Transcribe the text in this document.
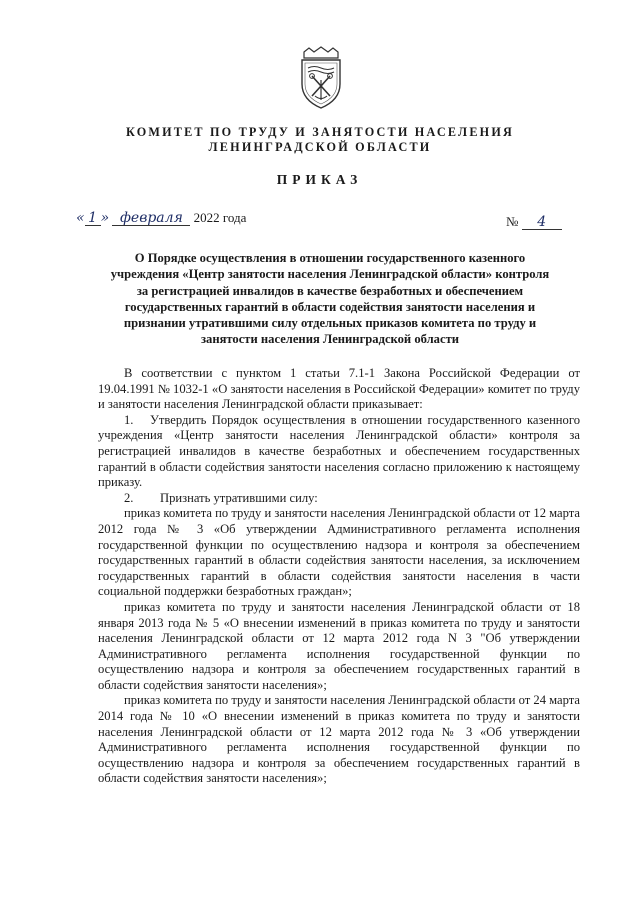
КОМИТЕТ ПО ТРУДУ И ЗАНЯТОСТИ НАСЕЛЕНИЯ
ЛЕНИНГРАДСКОЙ ОБЛАСТИ
ПРИКАЗ
« 1 » февраля 2022 года	№ 4
О Порядке осуществления в отношении государственного казенного
учреждения «Центр занятости населения Ленинградской области» контроля
за регистрацией инвалидов в качестве безработных и обеспечением
государственных гарантий в области содействия занятости населения и
признании утратившими силу отдельных приказов комитета по труду и
занятости населения Ленинградской области

В соответствии с пунктом 1 статьи 7.1-1 Закона Российской Федерации от 19.04.1991 № 1032-1 «О занятости населения в Российской Федерации» комитет по труду и занятости населения Ленинградской области приказывает:

1. Утвердить Порядок осуществления в отношении государственного казенного учреждения «Центр занятости населения Ленинградской области» контроля за регистрацией инвалидов в качестве безработных и обеспечением государственных гарантий в области содействия занятости населения согласно приложению к настоящему приказу.

2. Признать утратившими силу:

приказ комитета по труду и занятости населения Ленинградской области от 12 марта 2012 года № 3 «Об утверждении Административного регламента исполнения государственной функции по осуществлению надзора и контроля за обеспечением государственных гарантий в области содействия занятости населения, за исключением государственных гарантий в области содействия занятости населения в части социальной поддержки безработных граждан»;

приказ комитета по труду и занятости населения Ленинградской области от 18 января 2013 года № 5 «О внесении изменений в приказ комитета по труду и занятости населения Ленинградской области от 12 марта 2012 года N 3 "Об утверждении Административного регламента исполнения государственной функции по осуществлению надзора и контроля за обеспечением государственных гарантий в области содействия занятости населения»;

приказ комитета по труду и занятости населения Ленинградской области от 24 марта 2014 года № 10 «О внесении изменений в приказ комитета по труду и занятости населения Ленинградской области от 12 марта 2012 года № 3 «Об утверждении Административного регламента исполнения государственной функции по осуществлению надзора и контроля за обеспечением государственных гарантий в области содействия занятости населения»;
